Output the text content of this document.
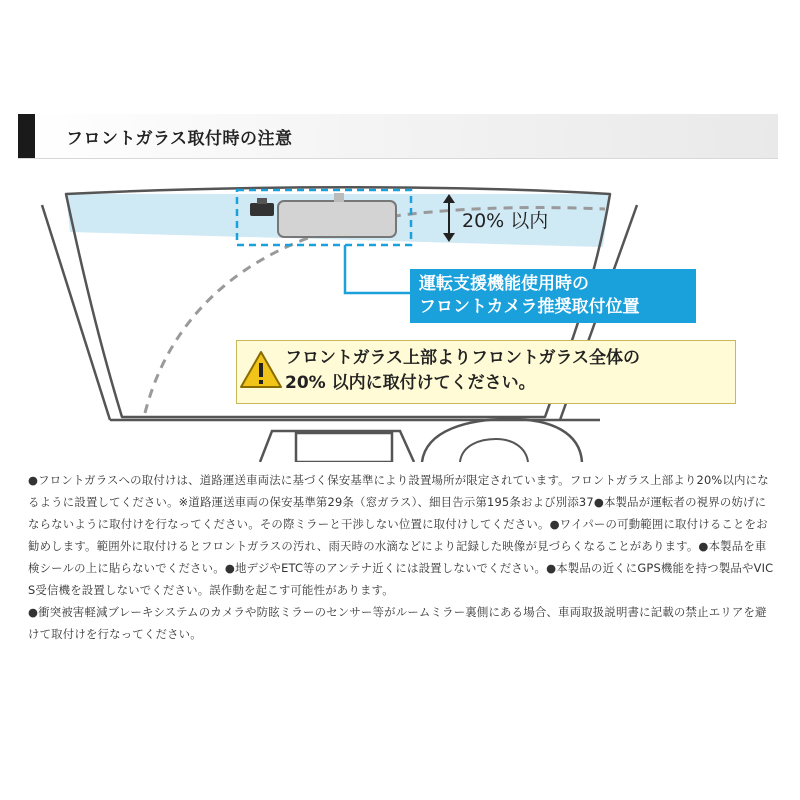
フロントガラス取付時の注意
20% 以内
運転支援機能使用時の
フロントカメラ推奨取付位置
フロントガラス上部よりフロントガラス全体の
20% 以内に取付けてください。

●フロントガラスへの取付けは、道路運送車両法に基づく保安基準により設置場所が限定されています。フロントガラス上部より20%以内になるように設置してください。※道路運送車両の保安基準第29条（窓ガラス）、細目告示第195条および別添37●本製品が運転者の視界の妨げにならないように取付けを行なってください。その際ミラーと干渉しない位置に取付けしてください。●ワイパーの可動範囲に取付けることをお勧めします。範囲外に取付けるとフロントガラスの汚れ、雨天時の水滴などにより記録した映像が見づらくなることがあります。●本製品を車検シールの上に貼らないでください。●地デジやETC等のアンテナ近くには設置しないでください。●本製品の近くにGPS機能を持つ製品やVICS受信機を設置しないでください。誤作動を起こす可能性があります。

●衝突被害軽減ブレーキシステムのカメラや防眩ミラーのセンサー等がルームミラー裏側にある場合、車両取扱説明書に記載の禁止エリアを避けて取付けを行なってください。
